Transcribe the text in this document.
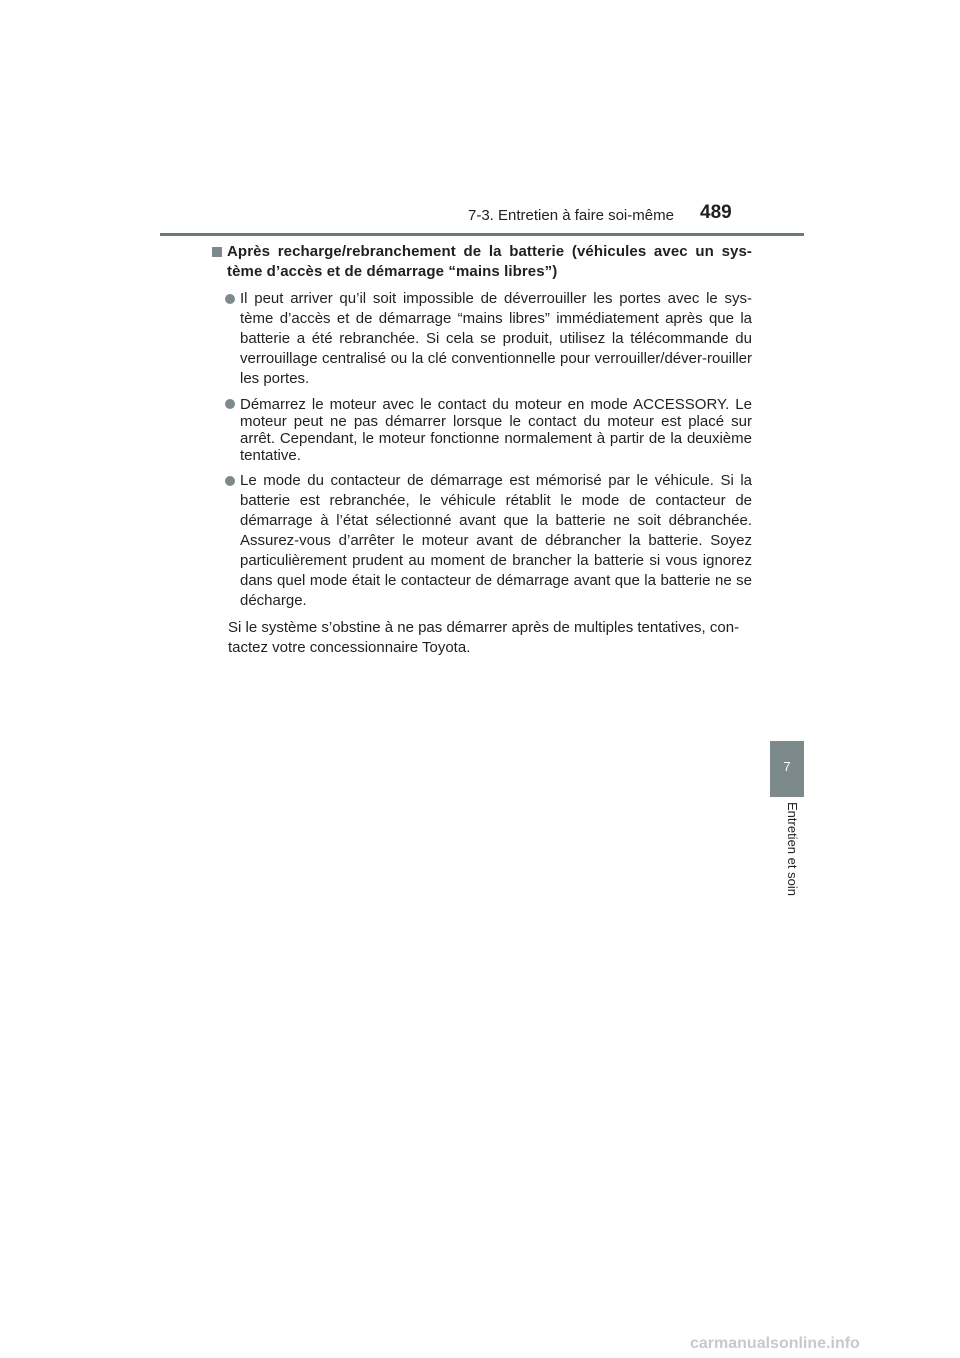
7-3. Entretien à faire soi-même 489
Après recharge/rebranchement de la batterie (véhicules avec un sys-tème d’accès et de démarrage “mains libres”)
Il peut arriver qu’il soit impossible de déverrouiller les portes avec le sys-tème d’accès et de démarrage “mains libres” immédiatement après que la batterie a été rebranchée. Si cela se produit, utilisez la télécommande du verrouillage centralisé ou la clé conventionnelle pour verrouiller/déver-rouiller les portes.
Démarrez le moteur avec le contact du moteur en mode ACCESSORY. Le moteur peut ne pas démarrer lorsque le contact du moteur est placé sur arrêt. Cependant, le moteur fonctionne normalement à partir de la deuxième tentative.
Le mode du contacteur de démarrage est mémorisé par le véhicule. Si la batterie est rebranchée, le véhicule rétablit le mode de contacteur de démarrage à l’état sélectionné avant que la batterie ne soit débranchée. Assurez-vous d’arrêter le moteur avant de débrancher la batterie. Soyez particulièrement prudent au moment de brancher la batterie si vous ignorez dans quel mode était le contacteur de démarrage avant que la batterie ne se décharge.
Si le système s’obstine à ne pas démarrer après de multiples tentatives, con-tactez votre concessionnaire Toyota.
7
Entretien et soin
carmanualsonline.info
